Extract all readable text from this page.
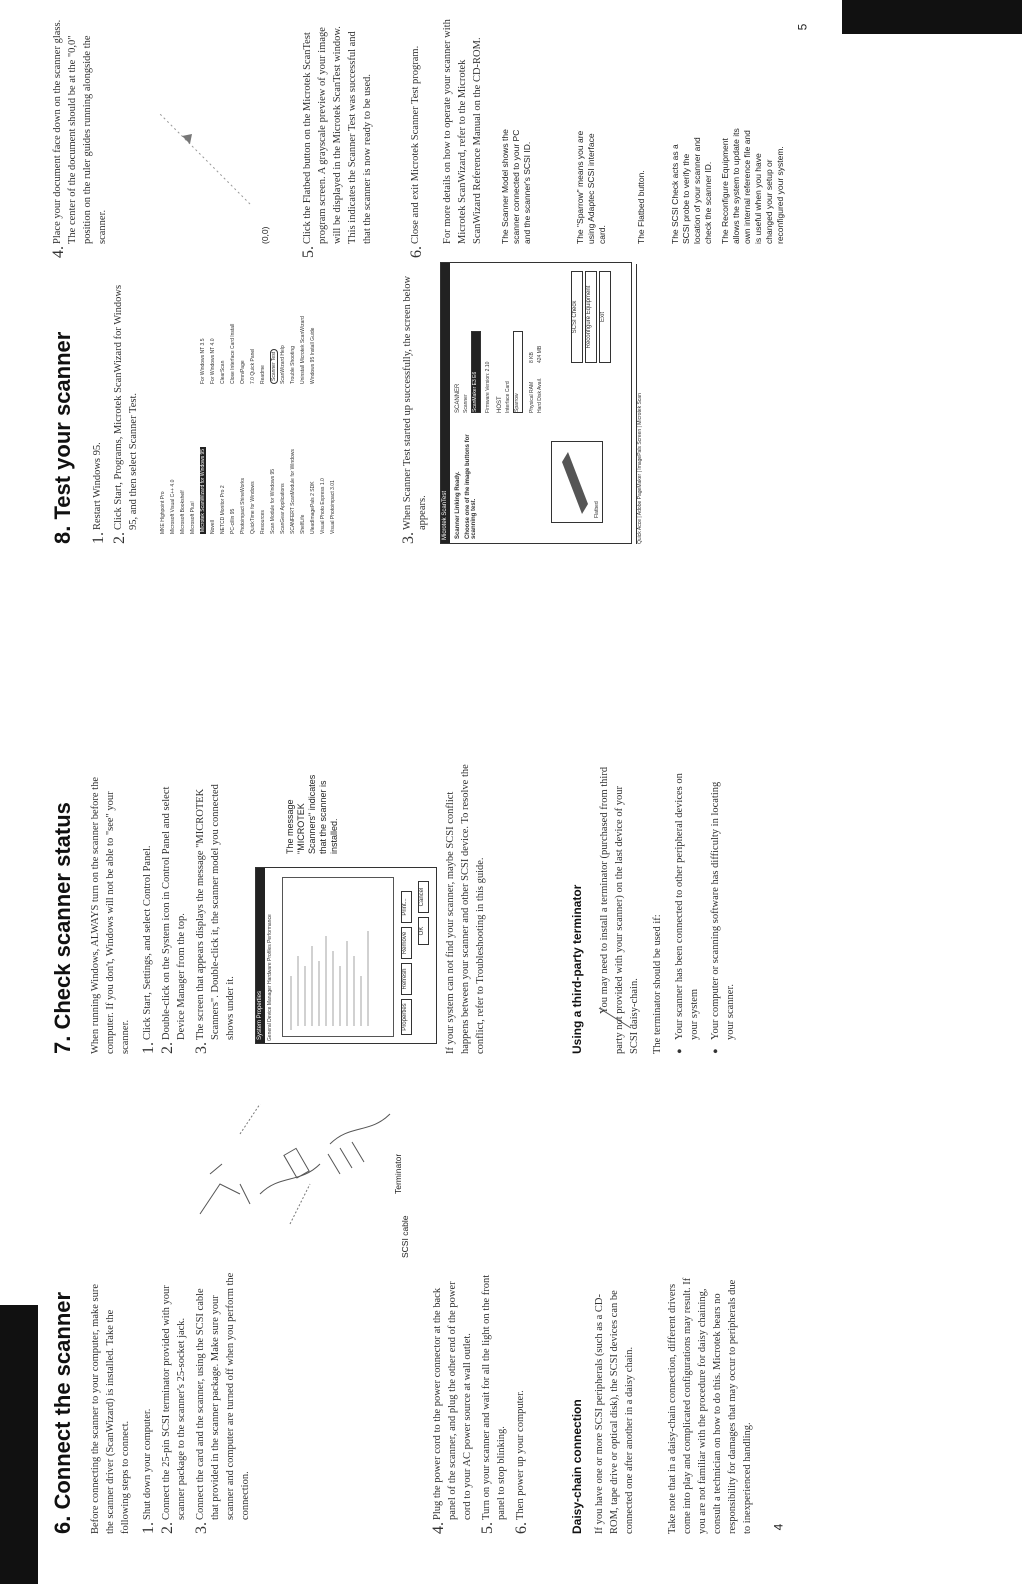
4
5
6. Connect the scanner Before connecting the scanner to your computer, make sure the scanner driver (ScanWizard) is installed. Take the following steps to connect. 1.

Shut down your computer.

2.

Connect the 25-pin SCSI terminator provided with your scanner package to the scanner's 25-socket jack.

3.

Connect the card and the scanner, using the SCSI cable that provided in the scanner package. Make sure your scanner and computer are turned off when you perform the connection.

Terminator
SCSI cable
4.

Plug the power cord to the power connector at the back panel of the scanner, and plug the other end of the power cord to your AC power source at wall outlet.

5.

Turn on your scanner and wait for all the light on the front panel to stop blinking.

6.

Then power up your computer.	Daisy-chain connection If you have one or more SCSI peripherals (such as a CD-ROM, tape drive or optical disk), the SCSI devices can be connected one after another in a daisy chain.	Take note that in a daisy-chain connection, different drivers come into play and complicated configurations may result. If you are not familiar with the procedure for daisy chaining, consult a technician on how to do this. Microtek bears no responsibility for damages that may occur to peripherals due to inexperienced handling.

7. Check scanner status When running Windows, ALWAYS turn on the scanner before the computer. If you don't, Windows will not be able to "see" your scanner. 1.

Click Start, Settings, and select Control Panel.

2.

Double-click on the System icon in Control Panel and select Device Manager from the top.

3.

The screen that appears displays the message "MICROTEK Scanners". Double-click it, the scanner model you connected shows under it.	System Properties General Device Manager Hardware Profiles Performance	Properties
Refresh
Remove
Print...
OK
Cancel
The message "MICROTEK Scanners" indicates that the scanner is installed.	If your system can not find your scanner, maybe SCSI conflict happens between your scanner and other SCSI device. To resolve the conflict, refer to Troubleshooting in this guide.	Using a third-party terminator You may need to install a terminator (purchased from third party not provided with your scanner) on the last device of your SCSI daisy-chain. The terminator should be used if: •

Your scanner has been connected to other peripheral devices on your system

•

Your computer or scanning software has difficulty in locating your scanner.

8. Test your scanner 1.

Restart Windows 95.

2.

Click Start, Programs, Microtek ScanWizard for Windows 95, and then select Scanner Test.	MKE Highpoint Pro Microsoft Visual C++ 4.0 Microsoft Bookshelf Microsoft Plus! Microtek ScanWizard for Windows 95 Novell NETCD Monitor Pro 2 PC-cillin 95 Photoimpact ShineWorks QuickTime for Windows Resources Scan Module for Windows 95 ScanGear Applications SCANFERT ScanModule for Windows ShelfLife UleadImagePals 2 SDK Visual Photo Express 1.0 Visual Photoimpact 3.01
For Windows NT 3.5 For Windows NT 4.0 ClearScan Close Interface Card Install OmniPage 7.0 Quick Panel Readme Scanner Test ScanWizard Help Trouble Shooting Uninstall Microtek ScanWizard Windows 95 Install Guide
3.

When Scanner Test started up successfully, the screen below appears.	Microtek ScanTest	Scanner Linking Ready. Choose one of the image buttons for scanning test.
SCANNER Scanner ScanMaker E3 E6	Firmware Version: 2.10 HOST Interface Card Sparrow	Physical RAM
8 KB
Hard Disk Avail.
424 MB
Flatbed
SCSI Check	Reconfigure Equipment	Exit
Quick Acce | Adobe PageMaker | ImagePals Screen | Microtek Scan
The Scanner Model shows the scanner connected to your PC and the scanner's SCSI ID.	The "Sparrow" means you are using Adaptec SCSI interface card.	The Flatbed button.	The SCSI Check acts as a SCSI probe to verify the location of your scanner and check the scanner ID. The Reconfigure Equipment allows the system to update its own internal reference file and is useful when you have changed your setup or reconfigured your system.
4.

Place your document face down on the scanner glass. The center of the document should be at the "0,0" position on the ruler guides running alongside the scanner.	(0,0)
5.

Click the Flatbed button on the Microtek ScanTest program screen. A grayscale preview of your image will be displayed in the Microtek ScanTest window. This indicates the Scanner Test was successful and that the scanner is now ready to be used.

6.

Close and exit Microtek Scanner Test program. For more details on how to operate your scanner with Microtek ScanWizard, refer to the Microtek ScanWizard Reference Manual on the CD-ROM.
